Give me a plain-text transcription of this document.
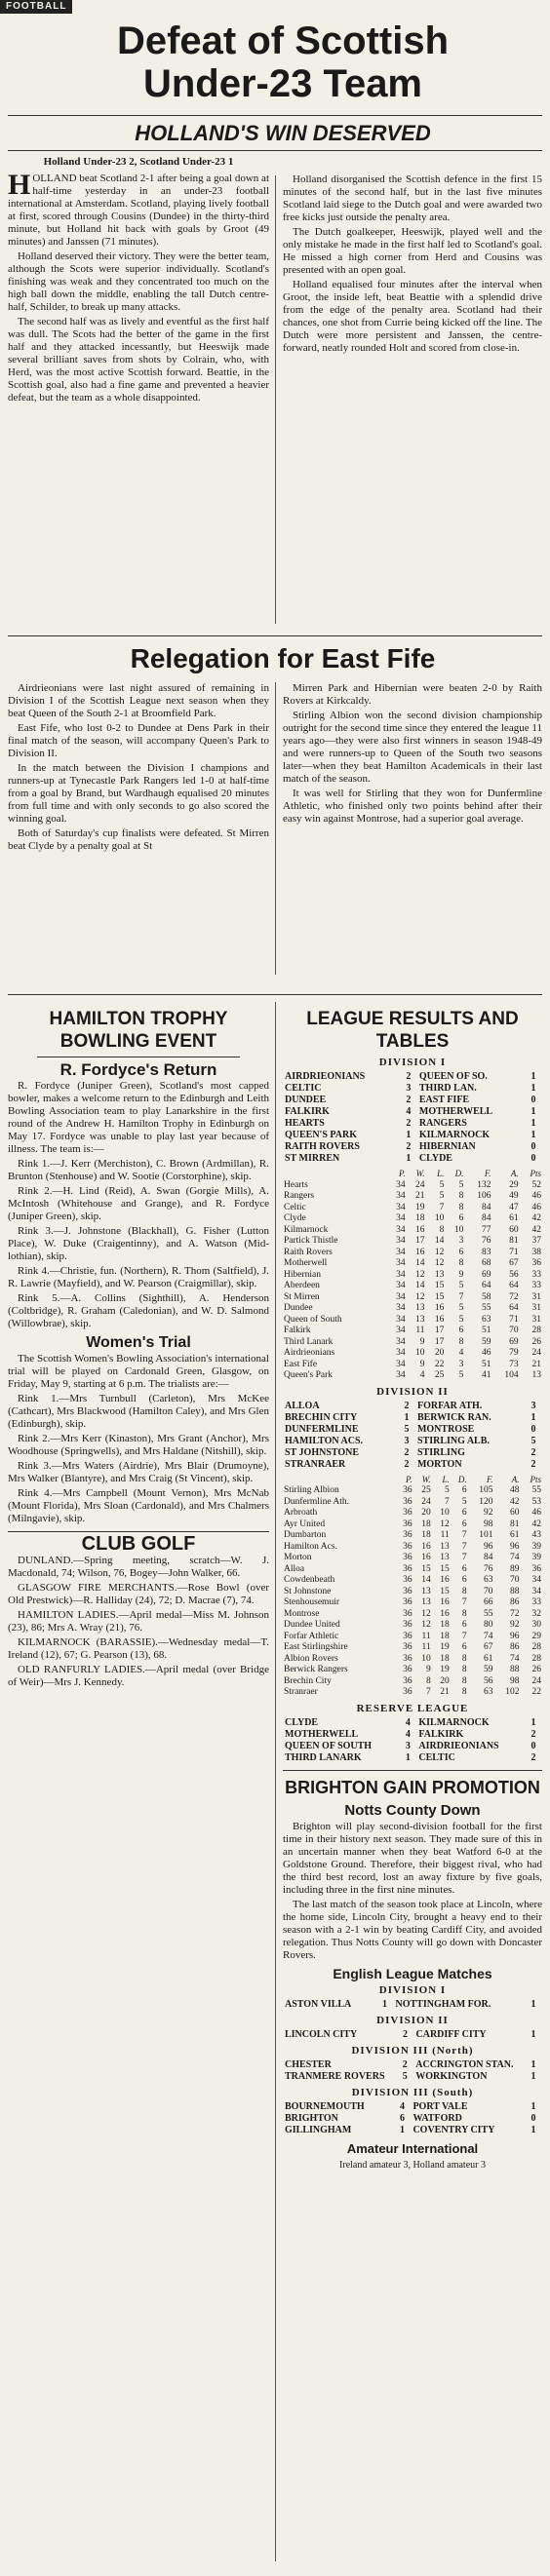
FOOTBALL
Defeat of Scottish
Under-23 Team
HOLLAND'S WIN DESERVED
Holland Under-23 2, Scotland Under-23 1

HOLLAND beat Scotland 2-1 after being a goal down at half-time yesterday in an under-23 football international at Amsterdam. Scotland, playing lively football at first, scored through Cousins (Dundee) in the thirty-third minute, but Holland hit back with goals by Groot (49 minutes) and Janssen (71 minutes).

Holland deserved their victory. They were the better team, although the Scots were superior individually. Scotland's finishing was weak and they concentrated too much on the high ball down the middle, enabling the tall Dutch centre-half, Schilder, to break up many attacks.

The second half was as lively and eventful as the first half was dull. The Scots had the better of the game in the first half and they attacked incessantly, but Heeswijk made several brilliant saves from shots by Colrain, who, with Herd, was the most active Scottish forward. Beattie, in the Scottish goal, also had a fine game and prevented a heavier defeat, but the team as a whole disappointed.

Holland disorganised the Scottish defence in the first 15 minutes of the second half, but in the last five minutes Scotland laid siege to the Dutch goal and were awarded two free kicks just outside the penalty area.

The Dutch goalkeeper, Heeswijk, played well and the only mistake he made in the first half led to Scotland's goal. He missed a high corner from Herd and Cousins was presented with an open goal.

Holland equalised four minutes after the interval when Groot, the inside left, beat Beattie with a splendid drive from the edge of the penalty area. Scotland had their chances, one shot from Currie being kicked off the line. The Dutch were more persistent and Janssen, the centre-forward, neatly rounded Holt and scored from close-in.

Relegation for East Fife

Airdrieonians were last night assured of remaining in Division I of the Scottish League next season when they beat Queen of the South 2-1 at Broomfield Park.

East Fife, who lost 0-2 to Dundee at Dens Park in their final match of the season, will accompany Queen's Park to Division II.

In the match between the Division I champions and runners-up at Tynecastle Park Rangers led 1-0 at half-time from a goal by Brand, but Wardhaugh equalised 20 minutes from full time and with only seconds to go also scored the winning goal.

Both of Saturday's cup finalists were defeated. St Mirren beat Clyde by a penalty goal at St

Mirren Park and Hibernian were beaten 2-0 by Raith Rovers at Kirkcaldy.

Stirling Albion won the second division championship outright for the second time since they entered the league 11 years ago—they were also first winners in season 1948-49 and were runners-up to Queen of the South two seasons later—when they beat Hamilton Academicals in their last match of the season.

It was well for Stirling that they won for Dunfermline Athletic, who finished only two points behind after their easy win against Montrose, had a superior goal average.

HAMILTON TROPHY BOWLING EVENT
R. Fordyce's Return

R. Fordyce (Juniper Green), Scotland's most capped bowler, makes a welcome return to the Edinburgh and Leith Bowling Association team to play Lanarkshire in the first round of the Andrew H. Hamilton Trophy in Edinburgh on May 17. Fordyce was unable to play last year because of illness. The team is:—

Rink 1.—J. Kerr (Merchiston), C. Brown (Ardmillan), R. Brunton (Stenhouse) and W. Sootie (Corstorphine), skip.

Rink 2.—H. Lind (Reid), A. Swan (Gorgie Mills), A. McIntosh (Whitehouse and Grange), and R. Fordyce (Juniper Green), skip.

Rink 3.—J. Johnstone (Blackhall), G. Fisher (Lutton Place), W. Duke (Craigentinny), and A. Watson (Mid-lothian), skip.

Rink 4.—Christie, fun. (Northern), R. Thom (Saltfield), J. R. Lawrie (Mayfield), and W. Pearson (Craigmillar), skip.

Rink 5.—A. Collins (Sighthill), A. Henderson (Coltbridge), R. Graham (Caledonian), and W. D. Salmond (Willowbrae), skip.

Women's Trial

The Scottish Women's Bowling Association's international trial will be played on Cardonald Green, Glasgow, on Friday, May 9, starting at 6 p.m. The trialists are:—

Rink 1.—Mrs Turnbull (Carleton), Mrs McKee (Cathcart), Mrs Blackwood (Hamilton Caley), and Mrs Glen (Edinburgh), skip.

Rink 2.—Mrs Kerr (Kinaston), Mrs Grant (Anchor), Mrs Woodhouse (Springwells), and Mrs Haldane (Nitshill), skip.

Rink 3.—Mrs Waters (Airdrie), Mrs Blair (Drumoyne), Mrs Walker (Blantyre), and Mrs Craig (St Vincent), skip.

Rink 4.—Mrs Campbell (Mount Vernon), Mrs McNab (Mount Florida), Mrs Sloan (Cardonald), and Mrs Chalmers (Milngavie), skip.

CLUB GOLF

DUNLAND.—Spring meeting, scratch—W. J. Macdonald, 74; Wilson, 76, Bogey—John Walker, 66.

GLASGOW FIRE MERCHANTS.—Rose Bowl (over Old Prestwick)—R. Halliday (24), 72; D. Macrae (7), 74.

HAMILTON LADIES.—April medal—Miss M. Johnson (23), 86; Mrs A. Wray (21), 76.

KILMARNOCK (BARASSIE).—Wednesday medal—T. Ireland (12), 67; G. Pearson (13), 68.

OLD RANFURLY LADIES.—April medal (over Bridge of Weir)—Mrs J. Kennedy.

LEAGUE RESULTS AND TABLES
DIVISION I
AIRDRIEONIANS	2	QUEEN OF SO.	1
CELTIC	3	THIRD LAN.	1
DUNDEE	2	EAST FIFE	0
FALKIRK	4	MOTHERWELL	1
HEARTS	2	RANGERS	1
QUEEN'S PARK	1	KILMARNOCK	1
RAITH ROVERS	2	HIBERNIAN	0
ST MIRREN	1	CLYDE	0
	P.	W.	L.	D.	F.	A.	Pts
Hearts	34	24	5	5	132	29	52
Rangers	34	21	5	8	106	49	46
Celtic	34	19	7	8	84	47	46
Clyde	34	18	10	6	84	61	42
Kilmarnock	34	16	8	10	77	60	42
Partick Thistle	34	17	14	3	76	81	37
Raith Rovers	34	16	12	6	83	71	38
Motherwell	34	14	12	8	68	67	36
Hibernian	34	12	13	9	69	56	33
Aberdeen	34	14	15	5	64	64	33
St Mirren	34	12	15	7	58	72	31
Dundee	34	13	16	5	55	64	31
Queen of South	34	13	16	5	63	71	31
Falkirk	34	11	17	6	51	70	28
Third Lanark	34	9	17	8	59	69	26
Airdrieonians	34	10	20	4	46	79	24
East Fife	34	9	22	3	51	73	21
Queen's Park	34	4	25	5	41	104	13
DIVISION II
ALLOA	2	FORFAR ATH.	3
BRECHIN CITY	1	BERWICK RAN.	1
DUNFERMLINE	5	MONTROSE	0
HAMILTON ACS.	3	STIRLING ALB.	5
ST JOHNSTONE	2	STIRLING	2
STRANRAER	2	MORTON	2
	P.	W.	L.	D.	F.	A.	Pts
Stirling Albion	36	25	5	6	105	48	55
Dunfermline Ath.	36	24	7	5	120	42	53
Arbroath	36	20	10	6	92	60	46
Ayr United	36	18	12	6	98	81	42
Dumbarton	36	18	11	7	101	61	43
Hamilton Acs.	36	16	13	7	96	96	39
Morton	36	16	13	7	84	74	39
Alloa	36	15	15	6	76	89	36
Cowdenbeath	36	14	16	6	63	70	34
St Johnstone	36	13	15	8	70	88	34
Stenhousemuir	36	13	16	7	66	86	33
Montrose	36	12	16	8	55	72	32
Dundee United	36	12	18	6	80	92	30
Forfar Athletic	36	11	18	7	74	96	29
East Stirlingshire	36	11	19	6	67	86	28
Albion Rovers	36	10	18	8	61	74	28
Berwick Rangers	36	9	19	8	59	88	26
Brechin City	36	8	20	8	56	98	24
Stranraer	36	7	21	8	63	102	22
RESERVE LEAGUE
CLYDE	4	KILMARNOCK	1
MOTHERWELL	4	FALKIRK	2
QUEEN OF SOUTH	3	AIRDRIEONIANS	0
THIRD LANARK	1	CELTIC	2
BRIGHTON GAIN PROMOTION
Notts County Down

Brighton will play second-division football for the first time in their history next season. They made sure of this in an uncertain manner when they beat Watford 6-0 at the Goldstone Ground. Therefore, their biggest rival, who had the third best record, lost an away fixture by five goals, including three in the first nine minutes.

The last match of the season took place at Lincoln, where the home side, Lincoln City, brought a heavy end to their season with a 2-1 win by beating Cardiff City, and avoided relegation. Thus Notts County will go down with Doncaster Rovers.

English League Matches
DIVISION I
ASTON VILLA	1	NOTTINGHAM FOR.	1
DIVISION II
LINCOLN CITY	2	CARDIFF CITY	1
DIVISION III (North)
CHESTER	2	ACCRINGTON STAN.	1
TRANMERE ROVERS	5	WORKINGTON	1
DIVISION III (South)
BOURNEMOUTH	4	PORT VALE	1
BRIGHTON	6	WATFORD	0
GILLINGHAM	1	COVENTRY CITY	1
Amateur International
Ireland amateur 3, Holland amateur 3
